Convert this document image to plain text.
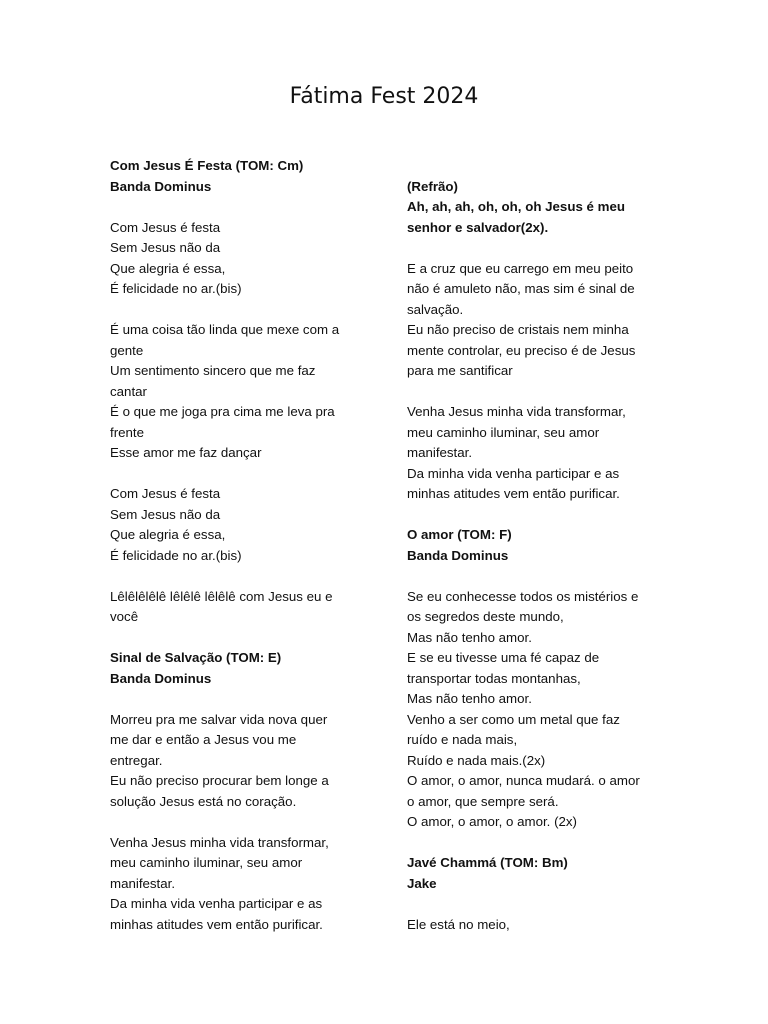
Fátima Fest 2024
Com Jesus É Festa (TOM: Cm)
Banda Dominus
Com Jesus é festa
Sem Jesus não da
Que alegria é essa,
É felicidade no ar.(bis)
É uma coisa tão linda que mexe com a
gente
Um sentimento sincero que me faz
cantar
É o que me joga pra cima me leva pra
frente
Esse amor me faz dançar
Com Jesus é festa
Sem Jesus não da
Que alegria é essa,
É felicidade no ar.(bis)
Lêlêlêlêlê lêlêlê lêlêlê com Jesus eu e
você
Sinal de Salvação (TOM: E)
Banda Dominus
Morreu pra me salvar vida nova quer
me dar e então a Jesus vou me
entregar.
Eu não preciso procurar bem longe a
solução Jesus está no coração.
Venha Jesus minha vida transformar,
meu caminho iluminar, seu amor
manifestar.
Da minha vida venha participar e as
minhas atitudes vem então purificar.
(Refrão)
Ah, ah, ah, oh, oh, oh Jesus é meu
senhor e salvador(2x).
E a cruz que eu carrego em meu peito
não é amuleto não, mas sim é sinal de
salvação.
Eu não preciso de cristais nem minha
mente controlar, eu preciso é de Jesus
para me santificar
Venha Jesus minha vida transformar,
meu caminho iluminar, seu amor
manifestar.
Da minha vida venha participar e as
minhas atitudes vem então purificar.
O amor (TOM: F)
Banda Dominus
Se eu conhecesse todos os mistérios e
os segredos deste mundo,
Mas não tenho amor.
E se eu tivesse uma fé capaz de
transportar todas montanhas,
Mas não tenho amor.
Venho a ser como um metal que faz
ruído e nada mais,
Ruído e nada mais.(2x)
O amor, o amor, nunca mudará. o amor
o amor, que sempre será.
O amor, o amor, o amor. (2x)
Javé Chammá (TOM: Bm)
Jake
Ele está no meio,
